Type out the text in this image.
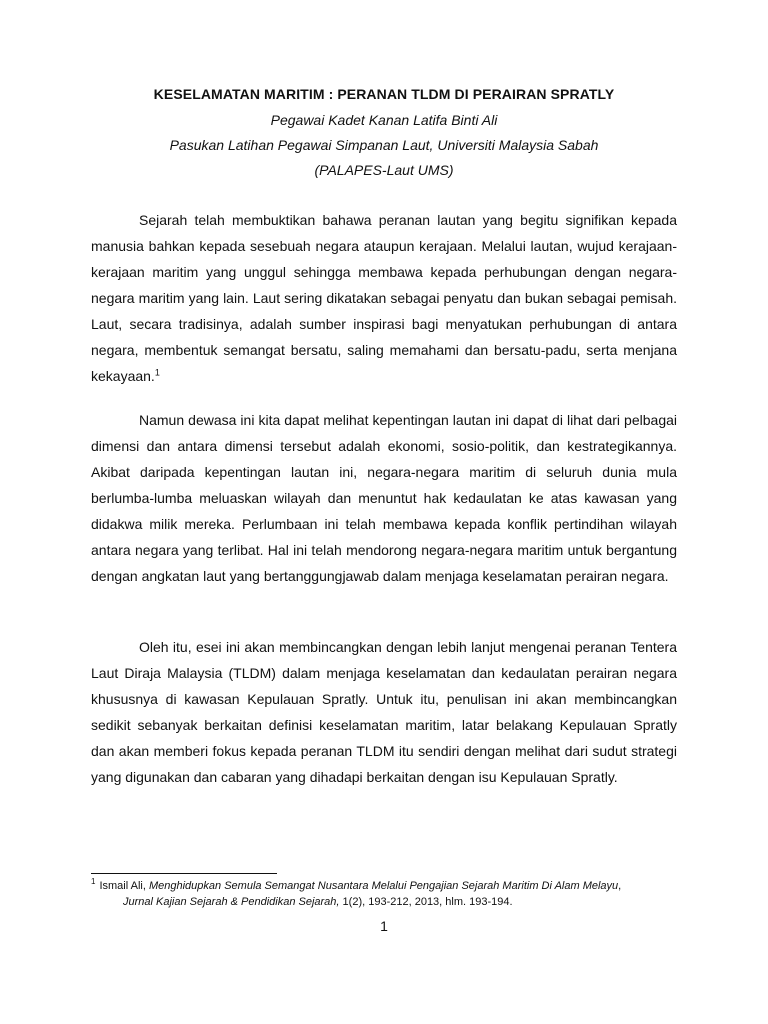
KESELAMATAN MARITIM : PERANAN TLDM DI PERAIRAN SPRATLY
Pegawai Kadet Kanan Latifa Binti Ali
Pasukan Latihan Pegawai Simpanan Laut, Universiti Malaysia Sabah
(PALAPES-Laut UMS)

Sejarah telah membuktikan bahawa peranan lautan yang begitu signifikan kepada manusia bahkan kepada sesebuah negara ataupun kerajaan. Melalui lautan, wujud kerajaan-kerajaan maritim yang unggul sehingga membawa kepada perhubungan dengan negara-negara maritim yang lain. Laut sering dikatakan sebagai penyatu dan bukan sebagai pemisah. Laut, secara tradisinya, adalah sumber inspirasi bagi menyatukan perhubungan di antara negara, membentuk semangat bersatu, saling memahami dan bersatu-padu, serta menjana kekayaan.$^1$

Namun dewasa ini kita dapat melihat kepentingan lautan ini dapat di lihat dari pelbagai dimensi dan antara dimensi tersebut adalah ekonomi, sosio-politik, dan kestrategikannya. Akibat daripada kepentingan lautan ini, negara-negara maritim di seluruh dunia mula berlumba-lumba meluaskan wilayah dan menuntut hak kedaulatan ke atas kawasan yang didakwa milik mereka. Perlumbaan ini telah membawa kepada konflik pertindihan wilayah antara negara yang terlibat. Hal ini telah mendorong negara-negara maritim untuk bergantung dengan angkatan laut yang bertanggungjawab dalam menjaga keselamatan perairan negara.

Oleh itu, esei ini akan membincangkan dengan lebih lanjut mengenai peranan Tentera Laut Diraja Malaysia (TLDM) dalam menjaga keselamatan dan kedaulatan perairan negara khususnya di kawasan Kepulauan Spratly. Untuk itu, penulisan ini akan membincangkan sedikit sebanyak berkaitan definisi keselamatan maritim, latar belakang Kepulauan Spratly dan akan memberi fokus kepada peranan TLDM itu sendiri dengan melihat dari sudut strategi yang digunakan dan cabaran yang dihadapi berkaitan dengan isu Kepulauan Spratly.

$^1$ Ismail Ali, Menghidupkan Semula Semangat Nusantara Melalui Pengajian Sejarah Maritim Di Alam Melayu,
Jurnal Kajian Sejarah & Pendidikan Sejarah, 1(2), 193-212, 2013, hlm. 193-194.
1
